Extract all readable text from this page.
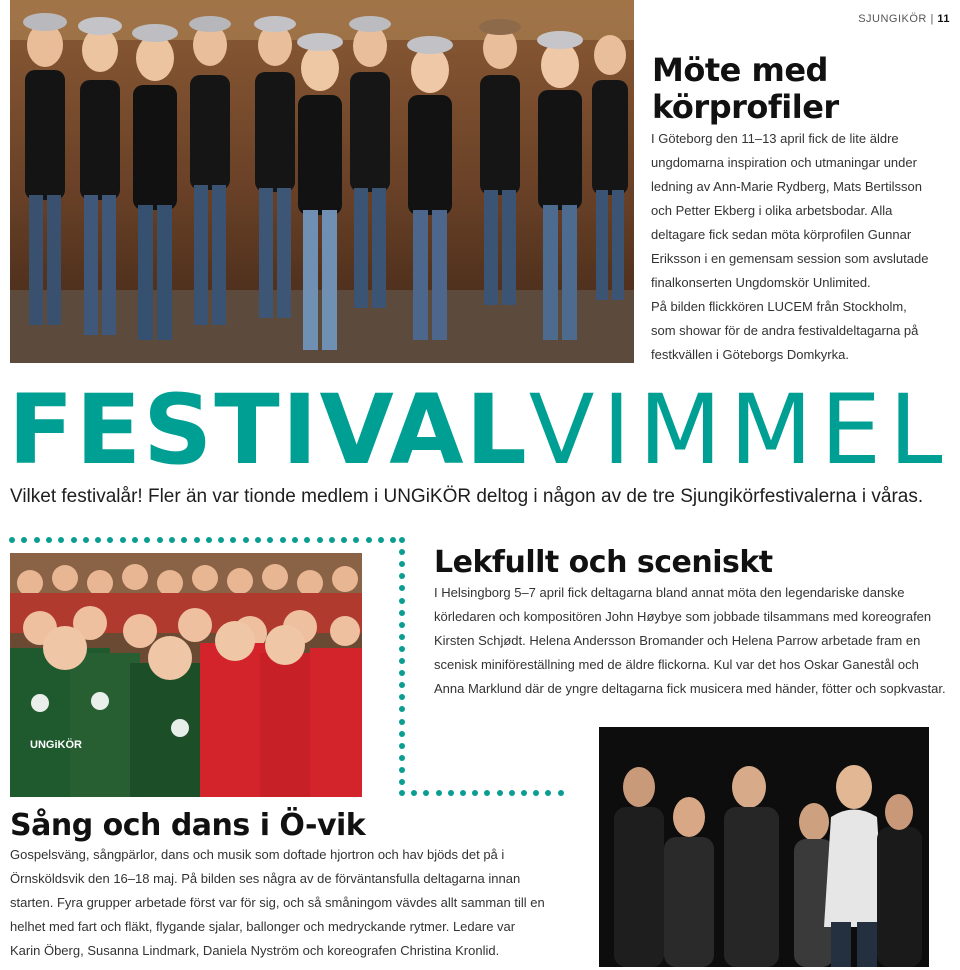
SJUNGIKÖR | 11
Möte med
körprofiler
I Göteborg den 11–13 april fick de lite äldre
ungdomarna inspiration och utmaningar under
ledning av Ann-Marie Rydberg, Mats Bertilsson
och Petter Ekberg i olika arbetsbodar. Alla
deltagare fick sedan möta körprofilen Gunnar
Eriksson i en gemensam session som avslutade
finalkonserten Ungdomskör Unlimited.
På bilden flickkören LUCEM från Stockholm,
som showar för de andra festivaldeltagarna på
festkvällen i Göteborgs Domkyrka.
FESTIVALVIMMEL
Vilket festivalår! Fler än var tionde medlem i UNGiKÖR deltog i någon av de tre Sjungikörfestivalerna i våras.
UNGiKÖR
Lekfullt och sceniskt
I Helsingborg 5–7 april fick deltagarna bland annat möta den legendariske danske
körledaren och kompositören John Høybye som jobbade tilsammans med koreografen
Kirsten Schjødt. Helena Andersson Bromander och Helena Parrow arbetade fram en
scenisk miniföreställning med de äldre flickorna. Kul var det hos Oskar Ganestål och
Anna Marklund där de yngre deltagarna fick musicera med händer, fötter och sopkvastar.
Sång och dans i Ö-vik
Gospelsväng, sångpärlor, dans och musik som doftade hjortron och hav bjöds det på i
Örnsköldsvik den 16–18 maj. På bilden ses några av de förväntansfulla deltagarna innan
starten. Fyra grupper arbetade först var för sig, och så småningom vävdes allt samman till en
helhet med fart och fläkt, flygande sjalar, ballonger och medryckande rytmer. Ledare var
Karin Öberg, Susanna Lindmark, Daniela Nyström och koreografen Christina Kronlid.
